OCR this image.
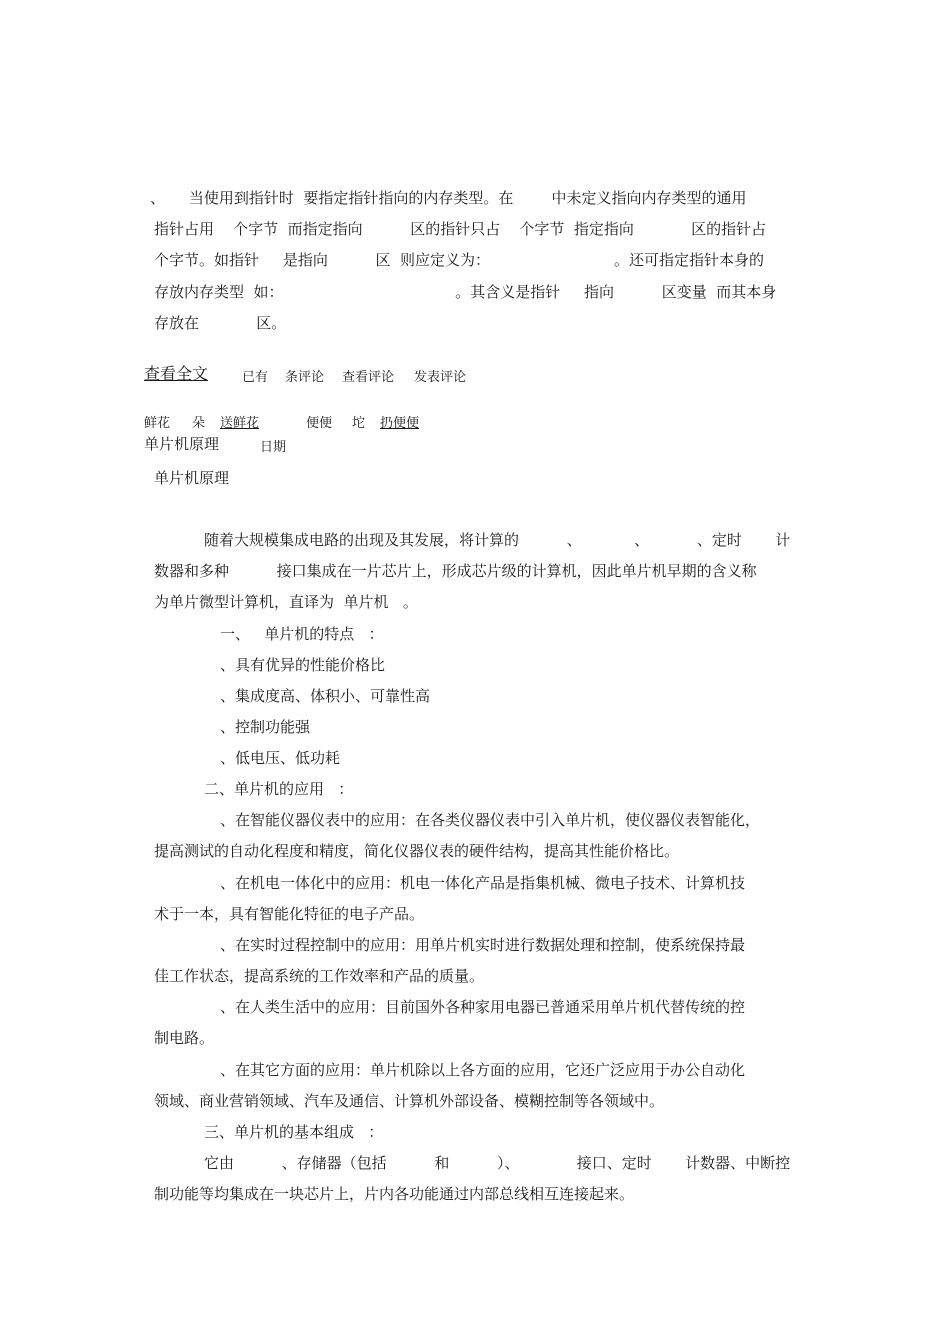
、     当使用到指针时  要指定指针指向的内存类型。在        中未定义指向内存类型的通用
指针占用    个字节  而指定指向          区的指针只占    个字节  指定指向            区的指针占
个字节。如指针     是指向          区  则应定义为：                          。还可指定指针本身的
存放内存类型  如：                                    。其含义是指针     指向          区变量  而其本身
存放在            区。
查看全文	已有 条评论 查看评论 发表评论
鲜花 朵 送鲜花	便便 坨 扔便便
单片机原理	日期
单片机原理
随着大规模集成电路的出现及其发展，将计算的          、           、          、定时       计
数器和多种          接口集成在一片芯片上，形成芯片级的计算机，因此单片机早期的含义称
为单片微型计算机，直译为  单片机   。
一、   单片机的特点   ：
、具有优异的性能价格比
、集成度高、体积小、可靠性高
、控制功能强
、低电压、低功耗
二、单片机的应用   ：
、在智能仪器仪表中的应用：在各类仪器仪表中引入单片机，使仪器仪表智能化，
提高测试的自动化程度和精度，简化仪器仪表的硬件结构，提高其性能价格比。
、在机电一体化中的应用：机电一体化产品是指集机械、微电子技术、计算机技
术于一本，具有智能化特征的电子产品。
、在实时过程控制中的应用：用单片机实时进行数据处理和控制，使系统保持最
佳工作状态，提高系统的工作效率和产品的质量。
、在人类生活中的应用：目前国外各种家用电器已普通采用单片机代替传统的控
制电路。
、在其它方面的应用：单片机除以上各方面的应用，它还广泛应用于办公自动化
领域、商业营销领域、汽车及通信、计算机外部设备、模糊控制等各领域中。
三、单片机的基本组成   ：
它由          、存储器（包括          和          ）、            接口、定时       计数器、中断控
制功能等均集成在一块芯片上，片内各功能通过内部总线相互连接起来。
